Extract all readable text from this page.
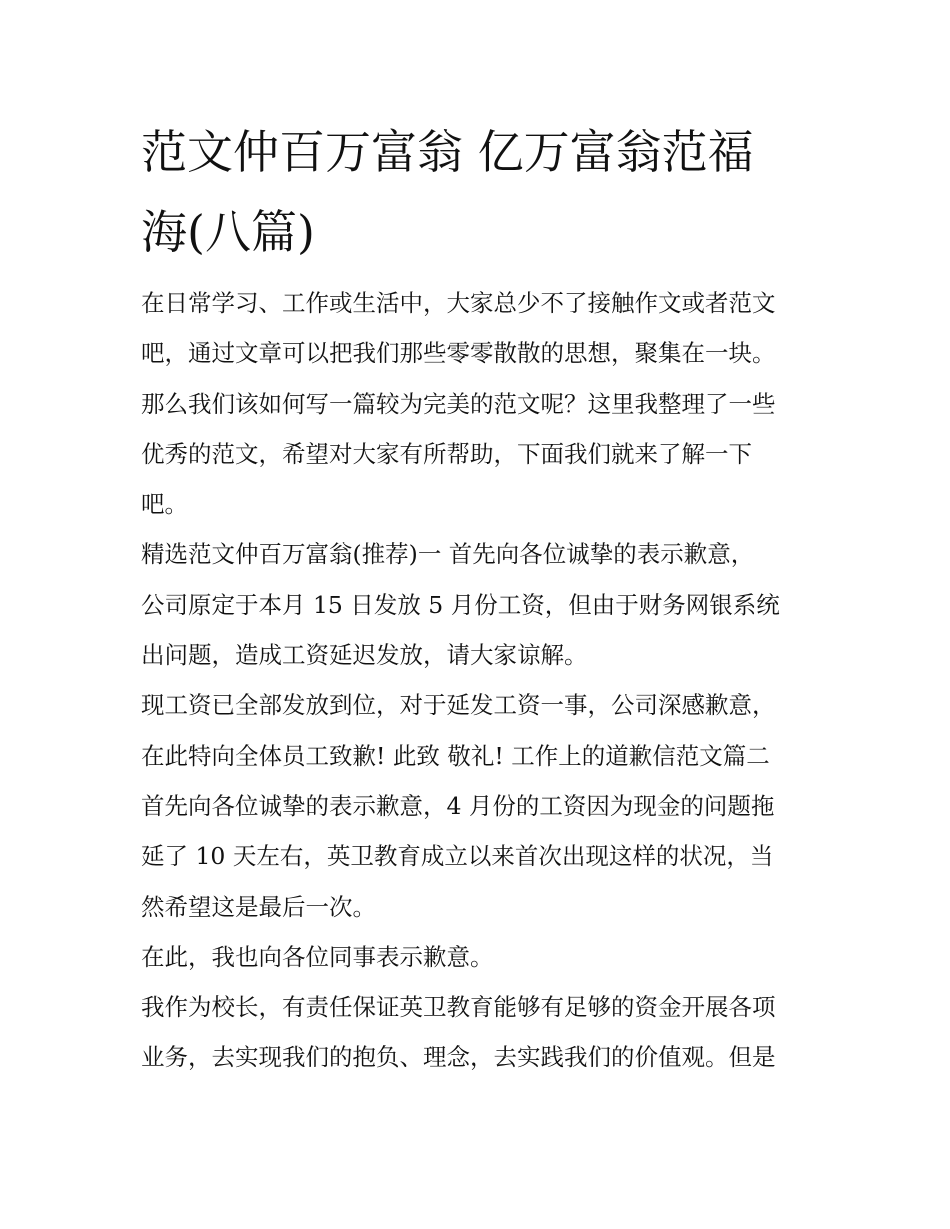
范文仲百万富翁 亿万富翁范福
海(八篇)

在日常学习、工作或生活中，大家总少不了接触作文或者范文

吧，通过文章可以把我们那些零零散散的思想，聚集在一块。

那么我们该如何写一篇较为完美的范文呢？这里我整理了一些

优秀的范文，希望对大家有所帮助，下面我们就来了解一下

吧。

精选范文仲百万富翁(推荐)一 首先向各位诚挚的表示歉意，

公司原定于本月 15 日发放 5 月份工资，但由于财务网银系统

出问题，造成工资延迟发放，请大家谅解。

现工资已全部发放到位，对于延发工资一事，公司深感歉意，

在此特向全体员工致歉! 此致 敬礼! 工作上的道歉信范文篇二

首先向各位诚挚的表示歉意，4 月份的工资因为现金的问题拖

延了 10 天左右，英卫教育成立以来首次出现这样的状况，当

然希望这是最后一次。

在此，我也向各位同事表示歉意。

我作为校长，有责任保证英卫教育能够有足够的资金开展各项

业务，去实现我们的抱负、理念，去实践我们的价值观。但是
